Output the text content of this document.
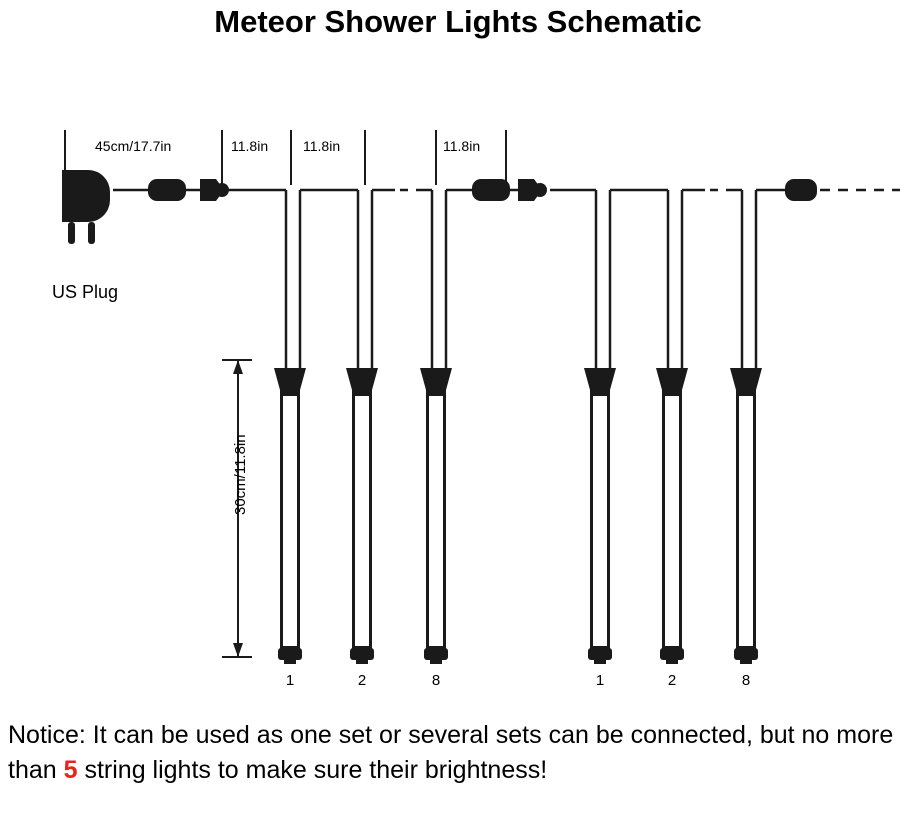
Meteor Shower Lights Schematic
45cm/17.7in	11.8in 11.8in	11.8in
30cm/11.8in
US Plug
1	2	8	1	2	8
Notice: It can be used as one set or several sets can be connected, but no more than 5 string lights to make sure their brightness!
